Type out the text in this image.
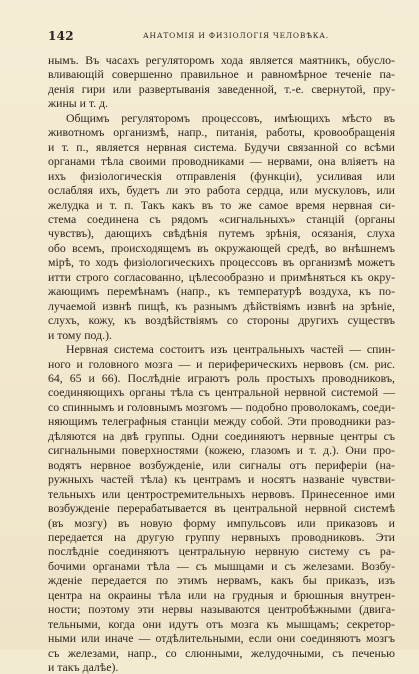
142	АНАТОМІЯ И ФИЗІОЛОГІЯ ЧЕЛОВѢКА.

нымъ. Въ часахъ регуляторомъ хода является маятникъ, обусло-
вливающій совершенно правильное и равномѣрное теченіе па-
денія гири или развертыванія заведенной, т.-е. свернутой, пру-
жины и т. д.

Общимъ регуляторомъ процессовъ, имѣющихъ мѣсто въ
животномъ организмѣ, напр., питанія, работы, кровообращенія
и т. п., является нервная система. Будучи связанной со всѣми
органами тѣла своими проводниками — нервами, она вліяетъ на
ихъ физіологическія отправленія (функціи), усиливая или
ослабляя ихъ, будетъ ли это работа сердца, или мускуловъ, или
желудка и т. п. Такъ какъ въ то же самое время нервная си-
стема соединена съ рядомъ «сигнальныхъ» станцій (органы
чувствъ), дающихъ свѣдѣнія путемъ зрѣнія, осязанія, слуха
обо всемъ, происходящемъ въ окружающей средѣ, во внѣшнемъ
мірѣ, то ходъ физіологическихъ процессовъ въ организмѣ можетъ
итти строго согласованно, цѣлесообразно и примѣняться къ окру-
жающимъ перемѣнамъ (напр., къ температурѣ воздуха, къ по-
лучаемой извнѣ пищѣ, къ разнымъ дѣйствіямъ извнѣ на зрѣніе,
слухъ, кожу, къ воздѣйствіямъ со стороны другихъ существъ
и тому под.).

Нервная система состоитъ изъ центральныхъ частей — спин-
ного и головного мозга — и периферическихъ нервовъ (см. рис.
64, 65 и 66). Послѣдніе играютъ роль простыхъ проводниковъ,
соединяющихъ органы тѣла съ центральной нервной системой —
со спиннымъ и головнымъ мозгомъ — подобно проволокамъ, соеди-
няющимъ телеграфныя станціи между собой. Эти проводники раз-
дѣляются на двѣ группы. Одни соединяютъ нервные центры съ
сигнальными поверхностями (кожею, глазомъ и т. д.). Они про-
водятъ нервное возбужденіе, или сигналы отъ периферіи (на-
ружныхъ частей тѣла) къ центрамъ и носятъ названіе чувстви-
тельныхъ или центростремительныхъ нервовъ. Принесенное ими
возбужденіе перерабатывается въ центральной нервной системѣ
(въ мозгу) въ новую форму импульсовъ или приказовъ и
передается на другую группу нервныхъ проводниковъ. Эти
послѣдніе соединяютъ центральную нервную систему съ ра-
бочими органами тѣла — съ мышцами и съ железами. Возбу-
жденіе передается по этимъ нервамъ, какъ бы приказъ, изъ
центра на окраины тѣла или на грудныя и брюшныя внутрен-
ности; поэтому эти нервы называются центробѣжными (двига-
тельными, когда они идутъ отъ мозга къ мышцамъ; секретор-
ными или иначе — отдѣлительными, если они соединяютъ мозгъ
съ железами, напр., со слюнными, желудочными, съ печенью
и такъ далѣе).
